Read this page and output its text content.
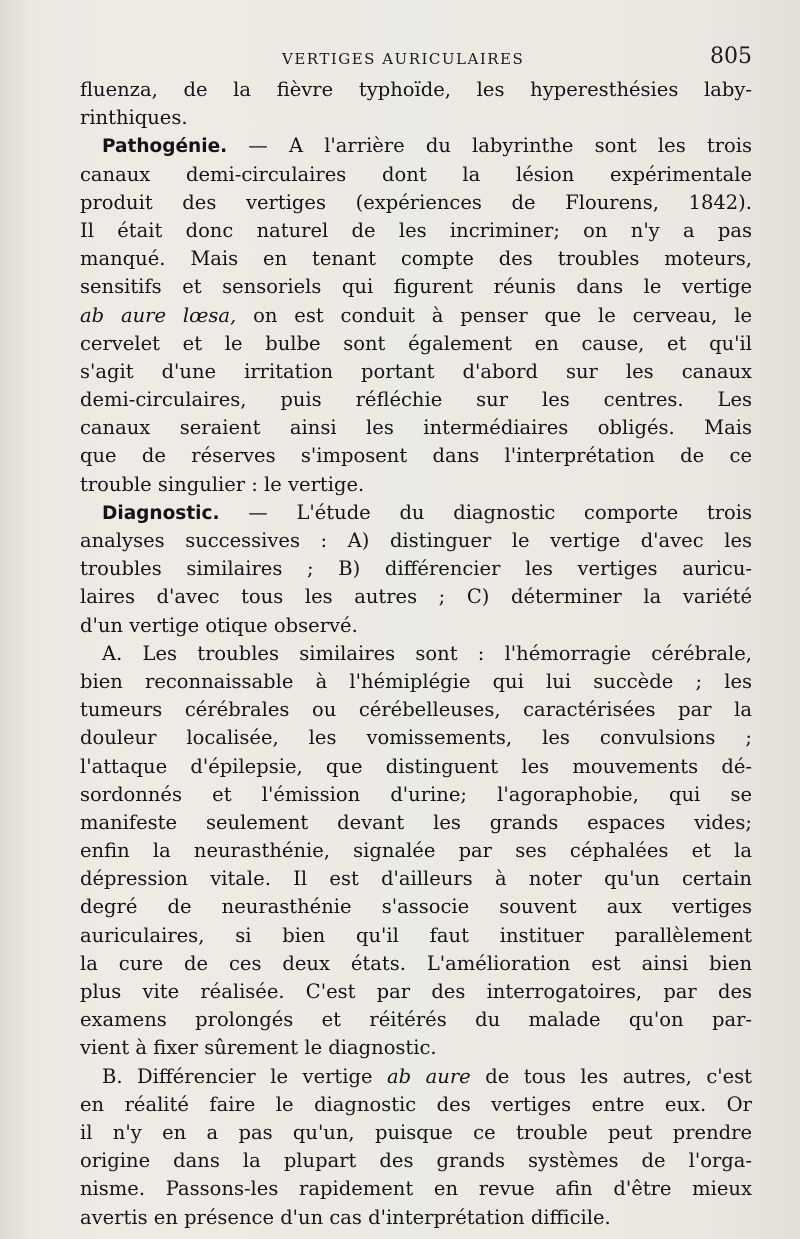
VERTIGES AURICULAIRES	805
fluenza, de la fièvre typhoïde, les hyperesthésies laby-
rinthiques.
Pathogénie. — A l'arrière du labyrinthe sont les trois
canaux demi-circulaires dont la lésion expérimentale
produit des vertiges (expériences de Flourens, 1842).
Il était donc naturel de les incriminer; on n'y a pas
manqué. Mais en tenant compte des troubles moteurs,
sensitifs et sensoriels qui figurent réunis dans le vertige
ab aure lœsa, on est conduit à penser que le cerveau, le
cervelet et le bulbe sont également en cause, et qu'il
s'agit d'une irritation portant d'abord sur les canaux
demi-circulaires, puis réfléchie sur les centres. Les
canaux seraient ainsi les intermédiaires obligés. Mais
que de réserves s'imposent dans l'interprétation de ce
trouble singulier : le vertige.
Diagnostic. — L'étude du diagnostic comporte trois
analyses successives : A) distinguer le vertige d'avec les
troubles similaires ; B) différencier les vertiges auricu-
laires d'avec tous les autres ; C) déterminer la variété
d'un vertige otique observé.
A. Les troubles similaires sont : l'hémorragie cérébrale,
bien reconnaissable à l'hémiplégie qui lui succède ; les
tumeurs cérébrales ou cérébelleuses, caractérisées par la
douleur localisée, les vomissements, les convulsions ;
l'attaque d'épilepsie, que distinguent les mouvements dé-
sordonnés et l'émission d'urine; l'agoraphobie, qui se
manifeste seulement devant les grands espaces vides;
enfin la neurasthénie, signalée par ses céphalées et la
dépression vitale. Il est d'ailleurs à noter qu'un certain
degré de neurasthénie s'associe souvent aux vertiges
auriculaires, si bien qu'il faut instituer parallèlement
la cure de ces deux états. L'amélioration est ainsi bien
plus vite réalisée. C'est par des interrogatoires, par des
examens prolongés et réitérés du malade qu'on par-
vient à fixer sûrement le diagnostic.
B. Différencier le vertige ab aure de tous les autres, c'est
en réalité faire le diagnostic des vertiges entre eux. Or
il n'y en a pas qu'un, puisque ce trouble peut prendre
origine dans la plupart des grands systèmes de l'orga-
nisme. Passons-les rapidement en revue afin d'être mieux
avertis en présence d'un cas d'interprétation difficile.
